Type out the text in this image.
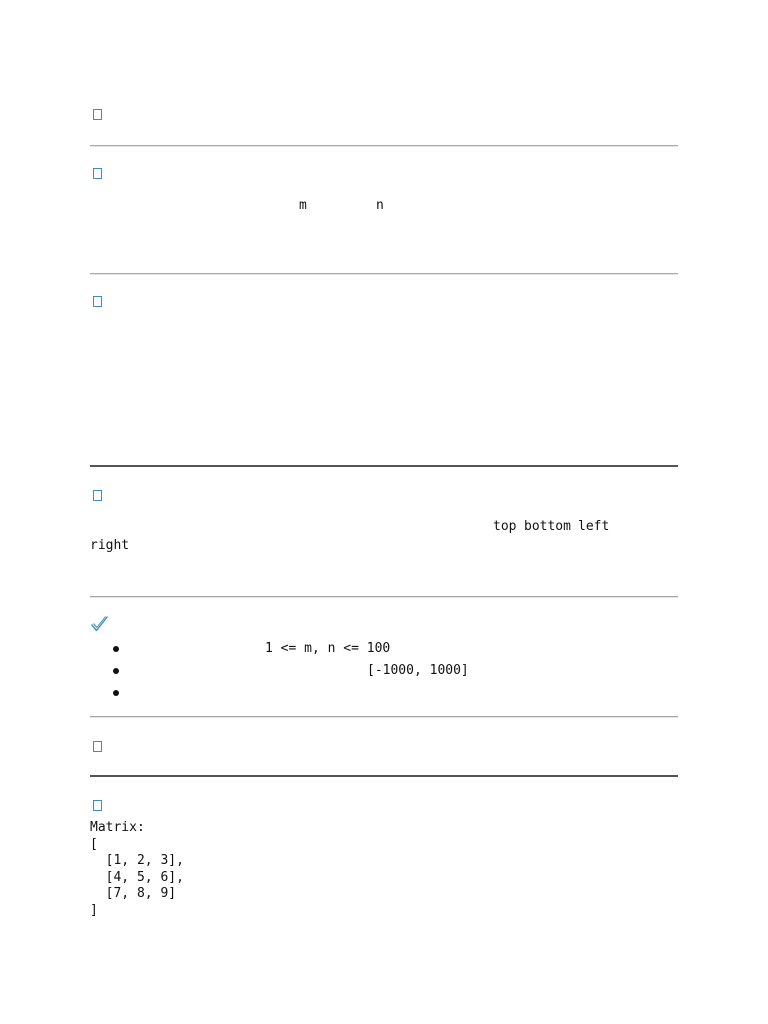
m	n
top bottom left
right
1 <= m, n <= 100
[-1000, 1000]
Matrix:
[
[1, 2, 3],
[4, 5, 6],
[7, 8, 9]
]
